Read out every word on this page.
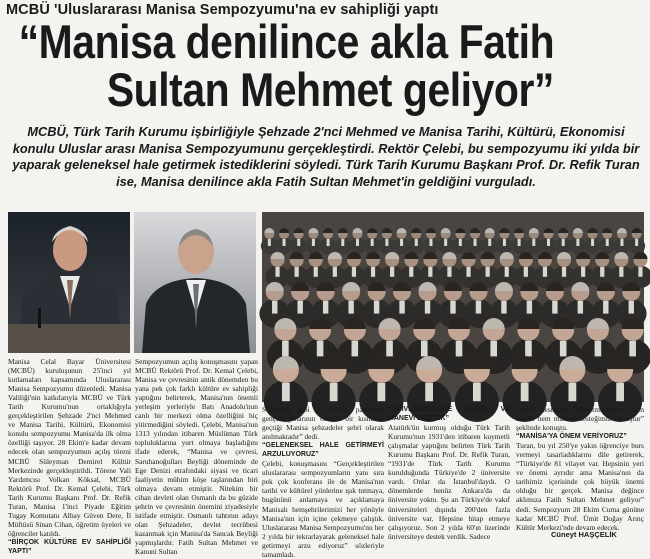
MCBÜ 'Uluslararası Manisa Sempozyumu'na ev sahipliği yaptı
“Manisa denilince akla Fatih
Sultan Mehmet geliyor”
MCBÜ, Türk Tarih Kurumu işbirliğiyle Şehzade 2'nci Mehmed ve Manisa Tarihi, Kültürü, Ekonomisi konulu Uluslar arası Manisa Sempozyumunu gerçekleştirdi. Rektör Çelebi, bu sempozyumu iki yılda bir yaparak geleneksel hale getirmek istediklerini söyledi. Türk Tarih Kurumu Başkanı Prof. Dr. Refik Turan ise, Manisa denilince akla Fatih Sultan Mehmet'in geldiğini vurguladı.

Manisa Celal Bayar Üniversitesi (MCBÜ) kuruluşunun 25'inci yıl kutlamaları kapsamında Uluslararası Manisa Sempozyumu düzenledi. Manisa Valiliği'nin katkılarıyla MCBÜ ve Türk Tarih Kurumu'nun ortaklığıyla gerçekleştirilen Şehzade 2'nci Mehmed ve Manisa Tarihi, Kültürü, Ekonomisi konulu sempozyumu Manisa'da ilk olma özelliği taşıyor. 28 Ekim'e kadar devam edecek olan sempozyumun açılış töreni MCBÜ Süleyman Demirel Kültür Merkezinde gerçekleştirildi. Törene Vali Yardımcısı Volkan Köksal, MCBÜ Rektörü Prof. Dr. Kemal Çelebi, Türk Tarih Kurumu Başkanı Prof. Dr. Refik Turan, Manisa 1'inci Piyade Eğitim Tugay Komutanı Albay Güven Dere, İl Müftüsü Sinan Cihan, öğretim üyeleri ve öğrenciler katıldı.

“BİRÇOK KÜLTÜRE EV SAHİPLİĞİ YAPTI”

Sempozyumun açılış konuşmasını yapan MCBÜ Rektörü Prof. Dr. Kemal Çelebi, Manisa ve çevresinin antik dönemden bu yana pek çok farklı kültüre ev sahipliği yaptığını belirterek, Manisa'nın önemli yerleşim yerleriyle Batı Anadolu'nun canlı bir merkezi olma özelliğini hiç yitirmediğini söyledi. Çelebi, Manisa'nın 1313 yılından itibaren Müslüman Türk topluluklarına yurt olmaya başladığını ifade ederek, “Manisa ve çevresi, Saruhanoğulları Beyliği döneminde de Ege Denizi etrafındaki siyasi ve ticari faaliyetin mühim köşe taşlarından biri olmaya devam etmiştir. Nitekim bir cihan devleti olan Osmanlı da bu güzide şehrin ve çevresinin önemini ziyadesiyle istifade etmiştir. Osmanlı tahtının adayı olan Şehzadeler, devlet tecrübesi kazanmak için Manisa'da Sancak Beyliği yapmışlardır. Fatih Sultan Mehmet ve Kanuni Sultan

Süleyman gibi iki büyük padişahın gençlik yıllarının önemli bir kısmının geçtiği Manisa şehzadeler şehri olarak anılmaktadır” dedi.

“GELENEKSEL HALE GETİRMEYİ ARZULUYORUZ”

Çelebi, konuşmasını “Gerçekleştirilen uluslararası sempozyumların yanı sıra pek çok konferans ile de Manisa'nın tarihi ve kültürel yönlerine ışık tutmaya, bugününü anlamaya ve açıklamaya Manisalı hemşehrilerimizi her yönüyle Manisa'nın için içine çekmeye çalıştık. Uluslararası Manisa Sempozyumu'nu her 2 yılda bir tekrarlayarak geleneksel hale getirmeyi arzu ediyoruz” sözleriyle tamamladı.

“ÜNİVERSİTELERE MADDİ VE MANEVİ DESTEK”

Atatürk'ün kurmuş olduğu Türk Tarih Kurumu'nun 1931'den itibaren kuymetli çalışmalar yaptığını belirten Türk Tarih Kurumu Başkanı Prof. Dr. Refik Turan, “1931'de Türk Tarih Kurumu kurulduğunda Türkiye'de 2 üniversite vardı. Onlar da İstanbul'daydı. O dönemlerde henüz Ankara'da da üniversite yoktu. Şu an Türkiye'de vakıf üniversiteleri dışında 200'den fazla üniversite var. Hepsine hitap etmeye çalışıyoruz. Son 2 yılda 60'ın üzerinde üniversiteye destek verdik. Sadece

maddi destekten bahsetmiyorum. Hem maddi hem manevi desteğimiz olmuştur” şeklinde konuştu.

“MANİSA'YA ÖNEM VERİYORUZ”

Turan, bu yıl 250'ye yakın öğrenciye burs vermeyi tasarladıklarını dile getirerek, “Türkiye'de 81 vilayet var. Hepsinin yeri ve önemi ayrıdır ama Manisa'nın da tarihimiz içerisinde çok büyük önemi olduğu bir gerçek. Manisa değince aklımıza Fatih Sultan Mehmet geliyor” dedi. Sempozyum 28 Ekim Cuma gününe kadar MCBÜ Prof. Ümit Doğay Arınç Kültür Merkezi'nde devam edecek.

Cüneyt HAŞÇELİK
